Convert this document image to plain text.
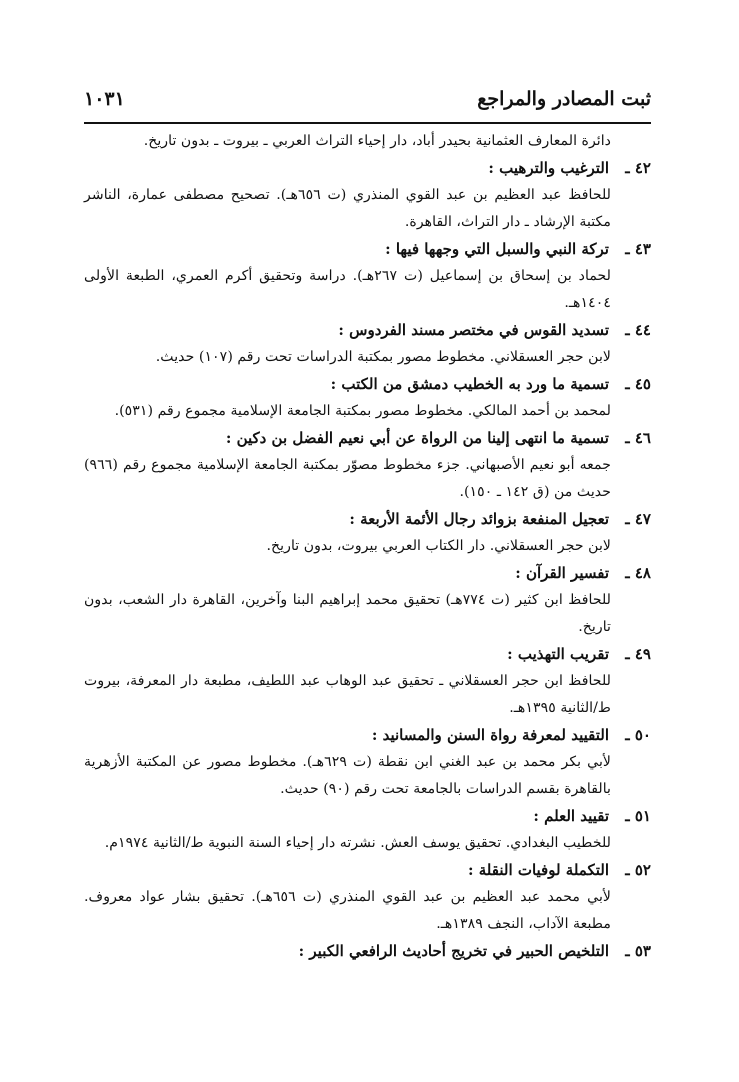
ثبت المصادر والمراجع
١٠٣١
دائرة المعارف العثمانية بحيدر أباد، دار إحياء التراث العربي ـ بيروت ـ بدون تاريخ.
٤٢ ـ
الترغيب والترهيب :
للحافظ عبد العظيم بن عبد القوي المنذري (ت ٦٥٦هـ). تصحيح مصطفى عمارة، الناشر مكتبة الإرشاد ـ دار التراث، القاهرة.
٤٣ ـ
تركة النبي والسبل التي وجهها فيها :
لحماد بن إسحاق بن إسماعيل (ت ٢٦٧هـ). دراسة وتحقيق أكرم العمري، الطبعة الأولى ١٤٠٤هـ.
٤٤ ـ
تسديد القوس في مختصر مسند الفردوس :
لابن حجر العسقلاني. مخطوط مصور بمكتبة الدراسات تحت رقم (١٠٧) حديث.
٤٥ ـ
تسمية ما ورد به الخطيب دمشق من الكتب :
لمحمد بن أحمد المالكي. مخطوط مصور بمكتبة الجامعة الإسلامية مجموع رقم (٥٣١).
٤٦ ـ
تسمية ما انتهى إلينا من الرواة عن أبي نعيم الفضل بن دكين :
جمعه أبو نعيم الأصبهاني. جزء مخطوط مصوّر بمكتبة الجامعة الإسلامية مجموع رقم (٩٦٦) حديث من (ق ١٤٢ ـ ١٥٠).
٤٧ ـ
تعجيل المنفعة بزوائد رجال الأئمة الأربعة :
لابن حجر العسقلاني. دار الكتاب العربي بيروت، بدون تاريخ.
٤٨ ـ
تفسير القرآن :
للحافظ ابن كثير (ت ٧٧٤هـ) تحقيق محمد إبراهيم البنا وآخرين، القاهرة دار الشعب، بدون تاريخ.
٤٩ ـ
تقريب التهذيب :
للحافظ ابن حجر العسقلاني ـ تحقيق عبد الوهاب عبد اللطيف، مطبعة دار المعرفة، بيروت ط/الثانية ١٣٩٥هـ.
٥٠ ـ
التقييد لمعرفة رواة السنن والمسانيد :
لأبي بكر محمد بن عبد الغني ابن نقطة (ت ٦٢٩هـ). مخطوط مصور عن المكتبة الأزهرية بالقاهرة بقسم الدراسات بالجامعة تحت رقم (٩٠) حديث.
٥١ ـ
تقييد العلم :
للخطيب البغدادي. تحقيق يوسف العش. نشرته دار إحياء السنة النبوية ط/الثانية ١٩٧٤م.
٥٢ ـ
التكملة لوفيات النقلة :
لأبي محمد عبد العظيم بن عبد القوي المنذري (ت ٦٥٦هـ). تحقيق بشار عواد معروف. مطبعة الآداب، النجف ١٣٨٩هـ.
٥٣ ـ
التلخيص الحبير في تخريج أحاديث الرافعي الكبير :
